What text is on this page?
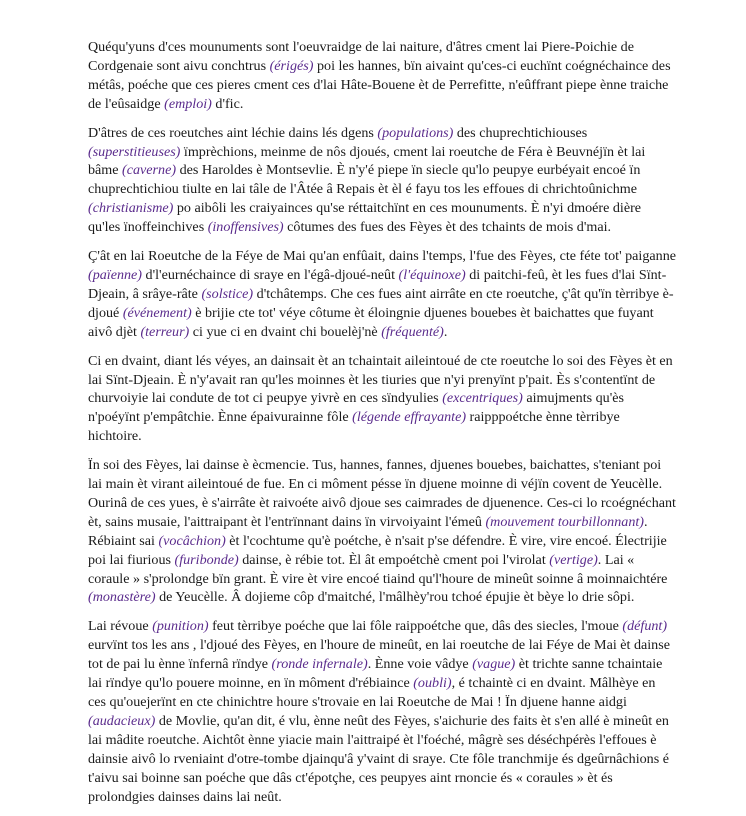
Quéqu'yuns d'ces mounuments sont l'oeuvraidge de lai naiture, d'âtres cment lai Piere-Poichie de Cordgenaie sont aivu conchtrus (érigés) poi les hannes, bïn aivaint qu'ces-ci euchïnt coégnéchaince des métâs, poéche que ces pieres cment ces d'lai Hâte-Bouene èt de Perrefitte, n'eûffrant piepe ènne traiche de l'eûsaidge (emploi) d'fic.

D'âtres de ces roeutches aint léchie dains lés dgens (populations) des chuprechtichiouses (superstitieuses) ïmprèchions, meinme de nôs djoués, cment lai roeutche de Féra è Beuvnéjïn èt lai bâme (caverne) des Haroldes è Montsevlie. È n'y'é piepe ïn siecle qu'lo peupye eurbéyait encoé ïn chuprechtichiou tiulte en lai tâle de l'Âtée â Repais èt èl é fayu tos les effoues di chrichtoûnichme (christianisme) po aibôli les craiyainces qu'se réttaitchïnt en ces mounuments. È n'yi dmoére dière qu'les ïnoffeinchives (inoffensives) côtumes des fues des Fèyes èt des tchaints de mois d'mai.

Ç'ât en lai Roeutche de la Féye de Mai qu'an enfûait, dains l'temps, l'fue des Fèyes, cte féte tot' paiganne (païenne) d'l'eurnéchaince di sraye en l'égâ-djoué-neût (l'équinoxe) di paitchi-feû, èt les fues d'lai Sïnt-Djeain, â srâye-râte (solstice) d'tchâtemps. Che ces fues aint airrâte en cte roeutche, ç'ât qu'ïn tèrribye è-djoué (événement) è brijie cte tot' véye côtume èt éloingnie djuenes bouebes èt baichattes que fuyant aivô djèt (terreur) ci yue ci en dvaint chi bouelèj'nè (fréquenté).

Ci en dvaint, diant lés véyes, an dainsait èt an tchaintait aileintoué de cte roeutche lo soi des Fèyes èt en lai Sïnt-Djeain. È n'y'avait ran qu'les moinnes èt les tiuries que n'yi prenyïnt p'pait. Ès s'contentïnt de churvoiyie lai condute de tot ci peupye yivrè en ces sïndyulies (excentriques) aimujments qu'ès n'poéyïnt p'empâtchie. Ènne épaivurainne fôle (légende effrayante) raipppoétche ènne tèrribye hichtoire.

Ïn soi des Fèyes, lai dainse è ècmencie. Tus, hannes, fannes, djuenes bouebes, baichattes, s'teniant poi lai main èt virant aileintoué de fue. En ci môment pésse ïn djuene moinne di véjïn covent de Yeucèlle. Ourinâ de ces yues, è s'airrâte èt raivoéte aivô djoue ses caimrades de djuenence. Ces-ci lo rcoégnéchant èt, sains musaie, l'aittraipant èt l'entrïnnant dains ïn virvoiyaint l'émeû (mouvement tourbillonnant). Rébiaint sai (vocâchion) èt l'cochtume qu'è poétche, è n'sait p'se défendre. È vire, vire encoé. Électrijie poi lai fiurious (furibonde) dainse, è rébie tot. Èl ât empoétchè cment poi l'virolat (vertige). Lai « coraule » s'prolondge bïn grant. È vire èt vire encoé tiaind qu'l'houre de mineût soinne â moinnaichtére (monastère) de Yeucèlle. Â dojieme côp d'maitché, l'mâlhèy'rou tchoé épujie èt bèye lo drie sôpi.

Lai révoue (punition) feut tèrribye poéche que lai fôle raippoétche que, dâs des siecles, l'moue (défunt) eurvïnt tos les ans , l'djoué des Fèyes, en l'houre de mineût, en lai roeutche de lai Féye de Mai èt dainse tot de pai lu ènne ïnfernâ rïndye (ronde infernale). Ènne voie vâdye (vague) èt trichte sanne tchaintaie lai rïndye qu'lo pouere moinne, en ïn môment d'rébiaince (oubli), é tchaintè ci en dvaint. Mâlhèye en ces qu'ouejerïnt en cte chinichtre houre s'trovaie en lai Roeutche de Mai ! Ïn djuene hanne aidgi (audacieux) de Movlie, qu'an dit, é vlu, ènne neût des Fèyes, s'aichurie des faits èt s'en allé è mineût en lai mâdite roeutche. Aichtôt ènne yiacie main l'aittraipé èt l'foéché, mâgrè ses déséchpérès l'effoues è dainsie aivô lo rveniaint d'otre-tombe djainqu'â y'vaint di sraye. Cte fôle tranchmije és dgeûrnâchions é t'aivu sai boinne san poéche que dâs ct'épotçhe, ces peupyes aint rnoncie és « coraules » èt és prolondgies dainses dains lai neût.
